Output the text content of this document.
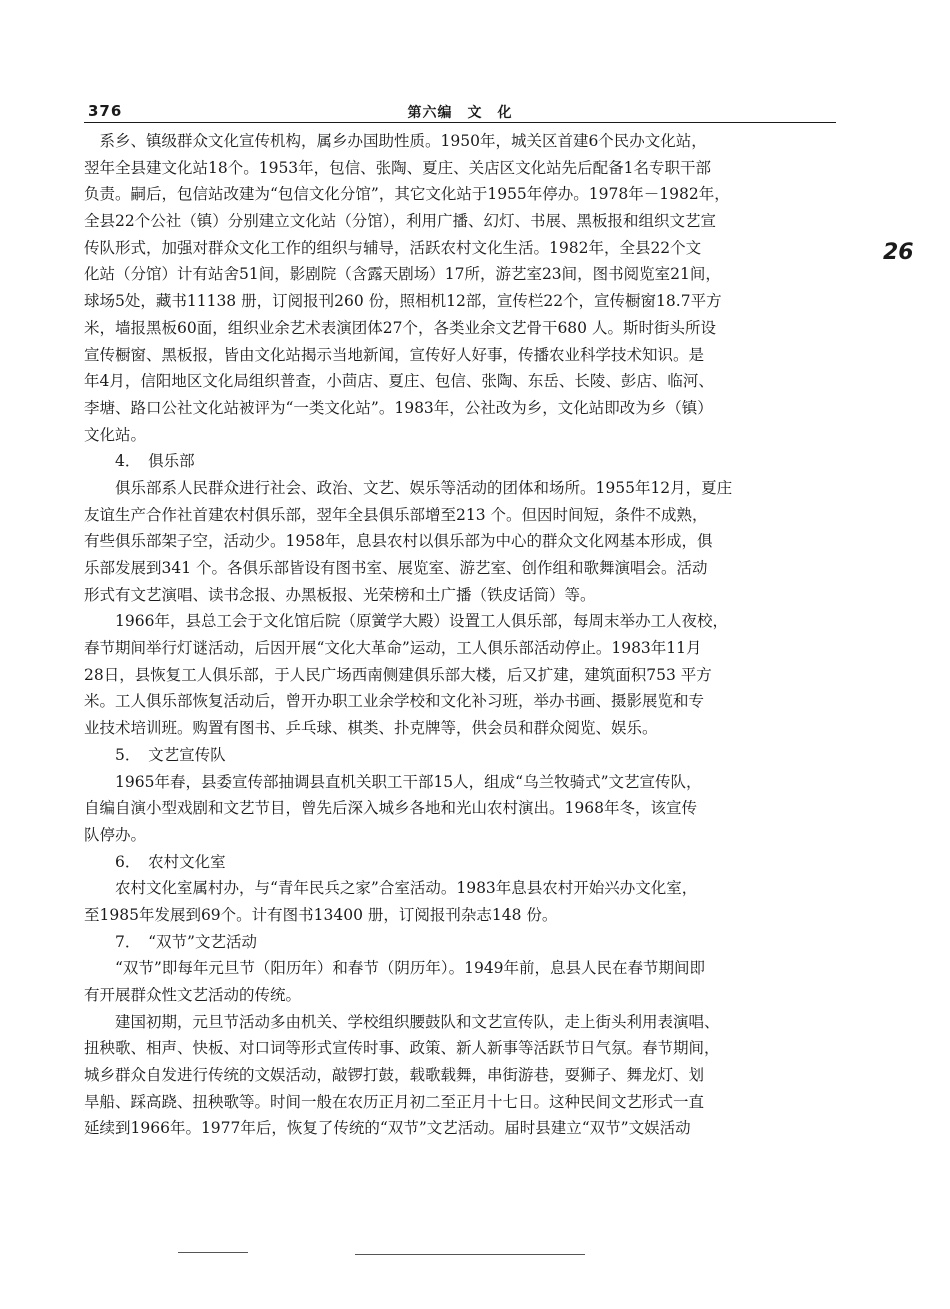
376	第六编　文　化
26
　系乡、镇级群众文化宣传机构，属乡办国助性质。1950年，城关区首建6个民办文化站，
翌年全县建文化站18个。1953年，包信、张陶、夏庄、关店区文化站先后配备1名专职干部
负责。嗣后，包信站改建为“包信文化分馆”，其它文化站于1955年停办。1978年－1982年，
全县22个公社（镇）分别建立文化站（分馆），利用广播、幻灯、书展、黑板报和组织文艺宣
传队形式，加强对群众文化工作的组织与辅导，活跃农村文化生活。1982年，全县22个文
化站（分馆）计有站舍51间，影剧院（含露天剧场）17所，游艺室23间，图书阅览室21间，
球场5处，藏书11138 册，订阅报刊260 份，照相机12部，宣传栏22个，宣传橱窗18.7平方
米，墙报黑板60面，组织业余艺术表演团体27个，各类业余文艺骨干680 人。斯时街头所设
宣传橱窗、黑板报，皆由文化站揭示当地新闻，宣传好人好事，传播农业科学技术知识。是
年4月，信阳地区文化局组织普查，小茴店、夏庄、包信、张陶、东岳、长陵、彭店、临河、
李塘、路口公社文化站被评为“一类文化站”。1983年，公社改为乡，文化站即改为乡（镇）
文化站。
　　4．　俱乐部
　　俱乐部系人民群众进行社会、政治、文艺、娱乐等活动的团体和场所。1955年12月，夏庄
友谊生产合作社首建农村俱乐部，翌年全县俱乐部增至213 个。但因时间短，条件不成熟，
有些俱乐部架子空，活动少。1958年，息县农村以俱乐部为中心的群众文化网基本形成，俱
乐部发展到341 个。各俱乐部皆设有图书室、展览室、游艺室、创作组和歌舞演唱会。活动
形式有文艺演唱、读书念报、办黑板报、光荣榜和土广播（铁皮话筒）等。
　　1966年，县总工会于文化馆后院（原黉学大殿）设置工人俱乐部，每周末举办工人夜校，
春节期间举行灯谜活动，后因开展“文化大革命”运动，工人俱乐部活动停止。1983年11月
28日，县恢复工人俱乐部，于人民广场西南侧建俱乐部大楼，后又扩建，建筑面积753 平方
米。工人俱乐部恢复活动后，曾开办职工业余学校和文化补习班，举办书画、摄影展览和专
业技术培训班。购置有图书、乒乓球、棋类、扑克牌等，供会员和群众阅览、娱乐。
　　5．　文艺宣传队
　　1965年春，县委宣传部抽调县直机关职工干部15人，组成“乌兰牧骑式”文艺宣传队，
自编自演小型戏剧和文艺节目，曾先后深入城乡各地和光山农村演出。1968年冬，该宣传
队停办。
　　6．　农村文化室
　　农村文化室属村办，与“青年民兵之家”合室活动。1983年息县农村开始兴办文化室，
至1985年发展到69个。计有图书13400 册，订阅报刊杂志148 份。
　　7．　“双节”文艺活动
　　“双节”即每年元旦节（阳历年）和春节（阴历年）。1949年前，息县人民在春节期间即
有开展群众性文艺活动的传统。
　　建国初期，元旦节活动多由机关、学校组织腰鼓队和文艺宣传队，走上街头利用表演唱、
扭秧歌、相声、快板、对口词等形式宣传时事、政策、新人新事等活跃节日气氛。春节期间，
城乡群众自发进行传统的文娱活动，敲锣打鼓，载歌载舞，串街游巷，耍狮子、舞龙灯、划
旱船、踩高跷、扭秧歌等。时间一般在农历正月初二至正月十七日。这种民间文艺形式一直
延续到1966年。1977年后，恢复了传统的“双节”文艺活动。届时县建立“双节”文娱活动
